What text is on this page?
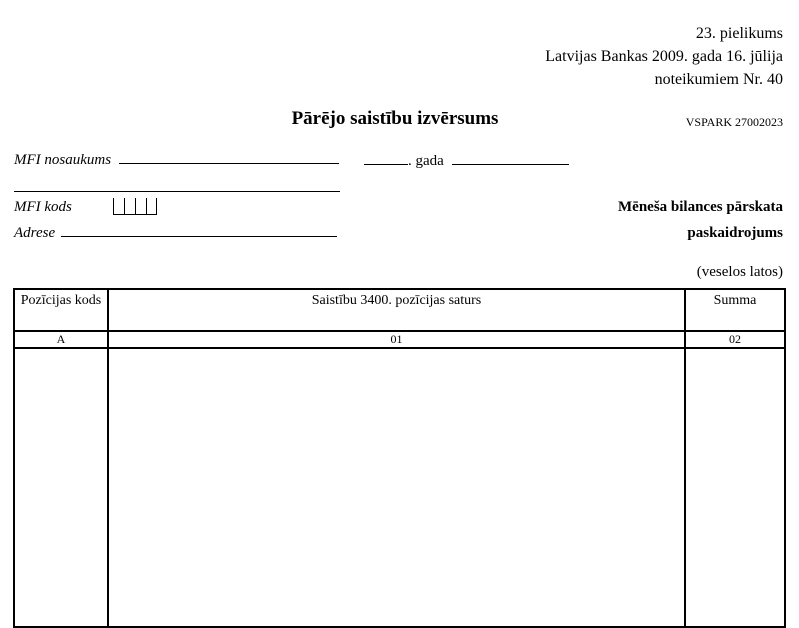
23. pielikums
Latvijas Bankas 2009. gada 16. jūlija
noteikumiem Nr. 40
Pārējo saistību izvērsums	VSPARK 27002023
MFI nosaukums	. gada
MFI kods	Mēneša bilances pārskata
paskaidrojums
Adrese
(veselos latos)
Pozīcijas kods	Saistību 3400. pozīcijas saturs	Summa
A	01	02
